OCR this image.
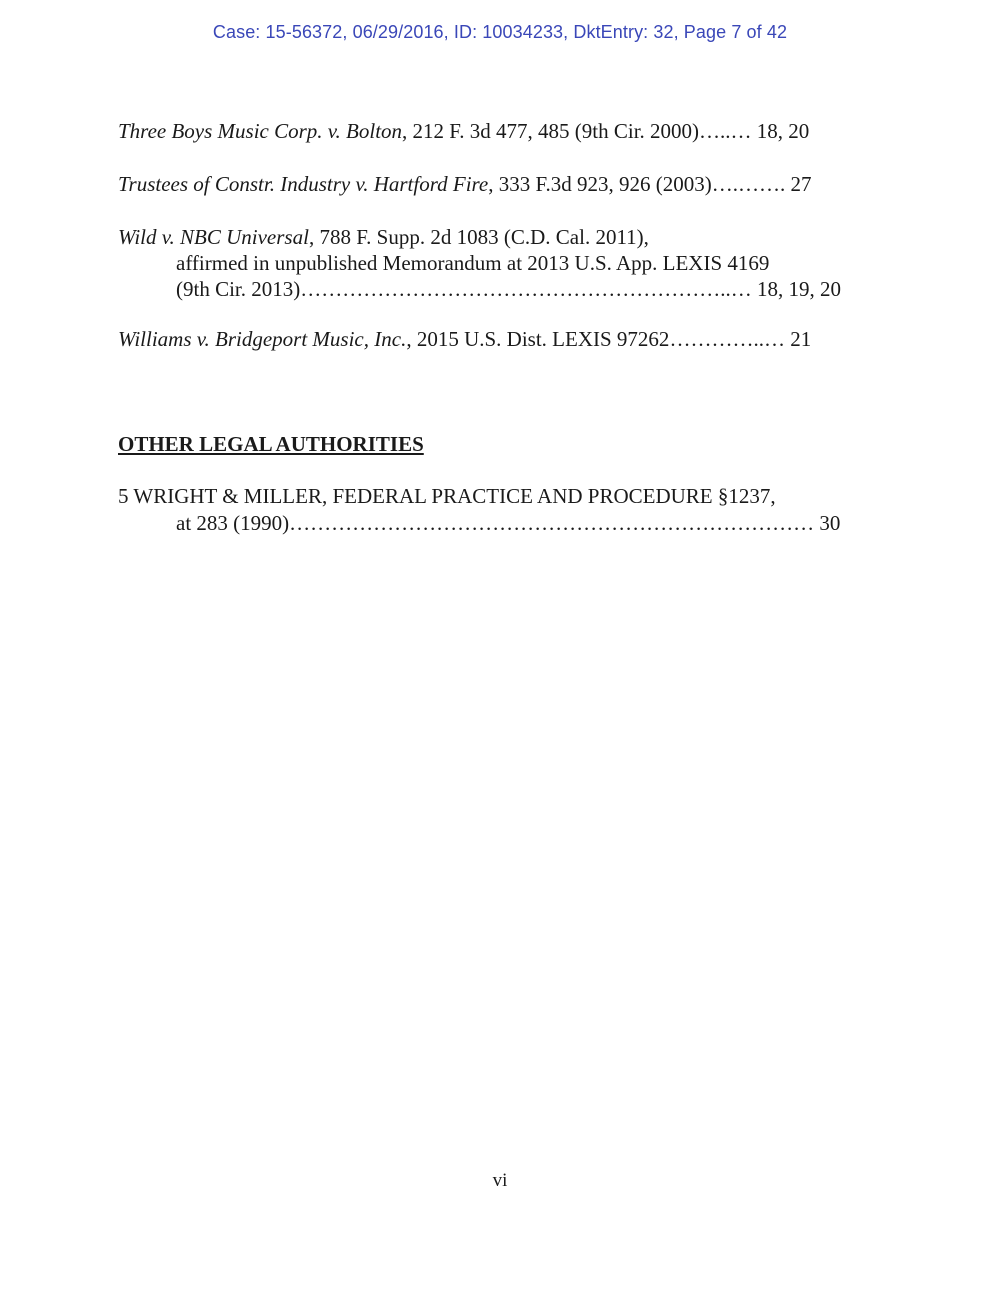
Case: 15-56372, 06/29/2016, ID: 10034233, DktEntry: 32, Page 7 of 42
Three Boys Music Corp. v. Bolton, 212 F. 3d 477, 485 (9th Cir. 2000)…..… 18, 20
Trustees of Constr. Industry v. Hartford Fire, 333 F.3d 923, 926 (2003)….……. 27
Wild v. NBC Universal, 788 F. Supp. 2d 1083 (C.D. Cal. 2011),
affirmed in unpublished Memorandum at 2013 U.S. App. LEXIS 4169
(9th Cir. 2013)……………………………………………………..… 18, 19, 20
Williams v. Bridgeport Music, Inc., 2015 U.S. Dist. LEXIS 97262…………..… 21
OTHER LEGAL AUTHORITIES
5 WRIGHT & MILLER, FEDERAL PRACTICE AND PROCEDURE §1237,
at 283 (1990)………………………………………………………………… 30
vi
